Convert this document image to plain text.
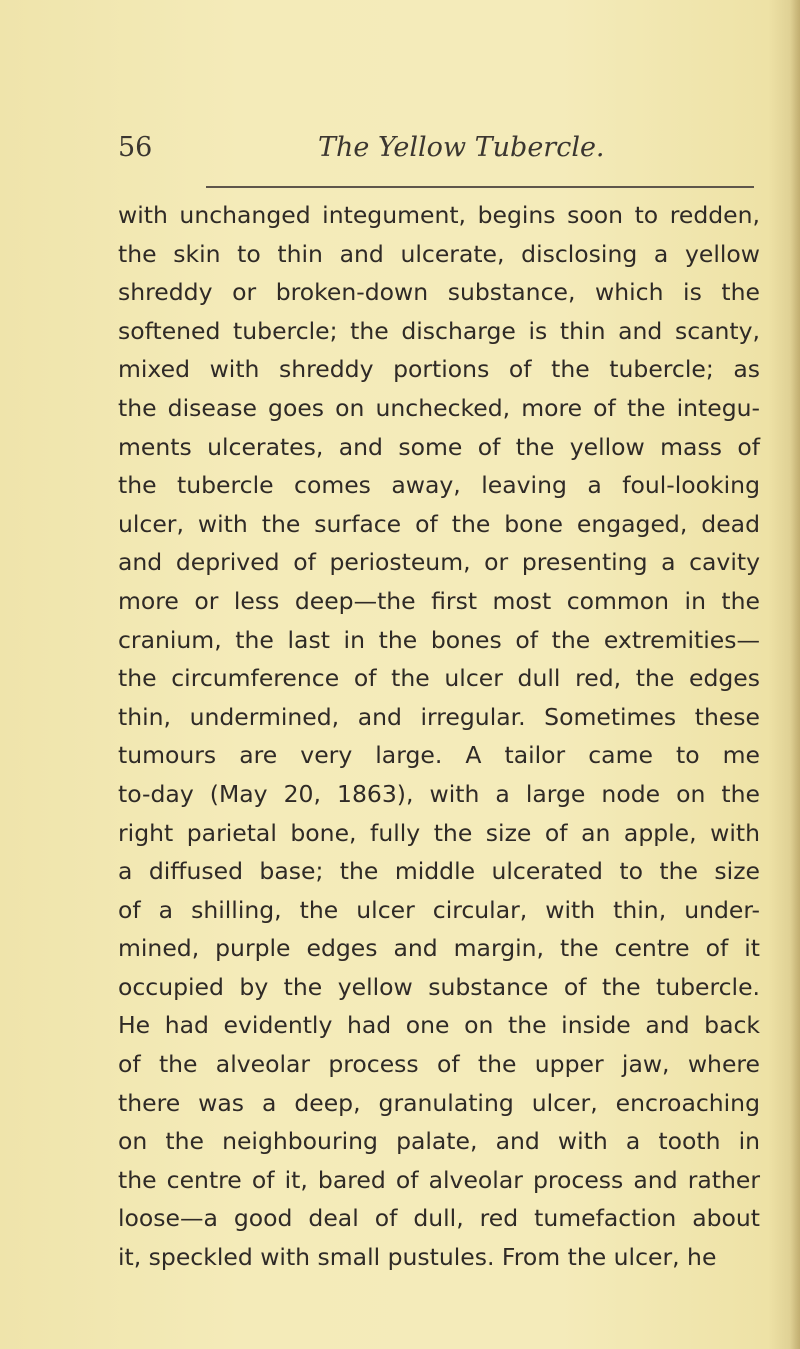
56	The Yellow Tubercle.
with unchanged integument, begins soon to redden,
the skin to thin and ulcerate, disclosing a yellow
shreddy or broken-down substance, which is the
softened tubercle; the discharge is thin and scanty,
mixed with shreddy portions of the tubercle; as
the disease goes on unchecked, more of the integu-
ments ulcerates, and some of the yellow mass of
the tubercle comes away, leaving a foul-looking
ulcer, with the surface of the bone engaged, dead
and deprived of periosteum, or presenting a cavity
more or less deep—the first most common in the
cranium, the last in the bones of the extremities—
the circumference of the ulcer dull red, the edges
thin, undermined, and irregular. Sometimes these
tumours are very large. A tailor came to me
to-day (May 20, 1863), with a large node on the
right parietal bone, fully the size of an apple, with
a diffused base; the middle ulcerated to the size
of a shilling, the ulcer circular, with thin, under-
mined, purple edges and margin, the centre of it
occupied by the yellow substance of the tubercle.
He had evidently had one on the inside and back
of the alveolar process of the upper jaw, where
there was a deep, granulating ulcer, encroaching
on the neighbouring palate, and with a tooth in
the centre of it, bared of alveolar process and rather
loose—a good deal of dull, red tumefaction about
it, speckled with small pustules. From the ulcer, he
